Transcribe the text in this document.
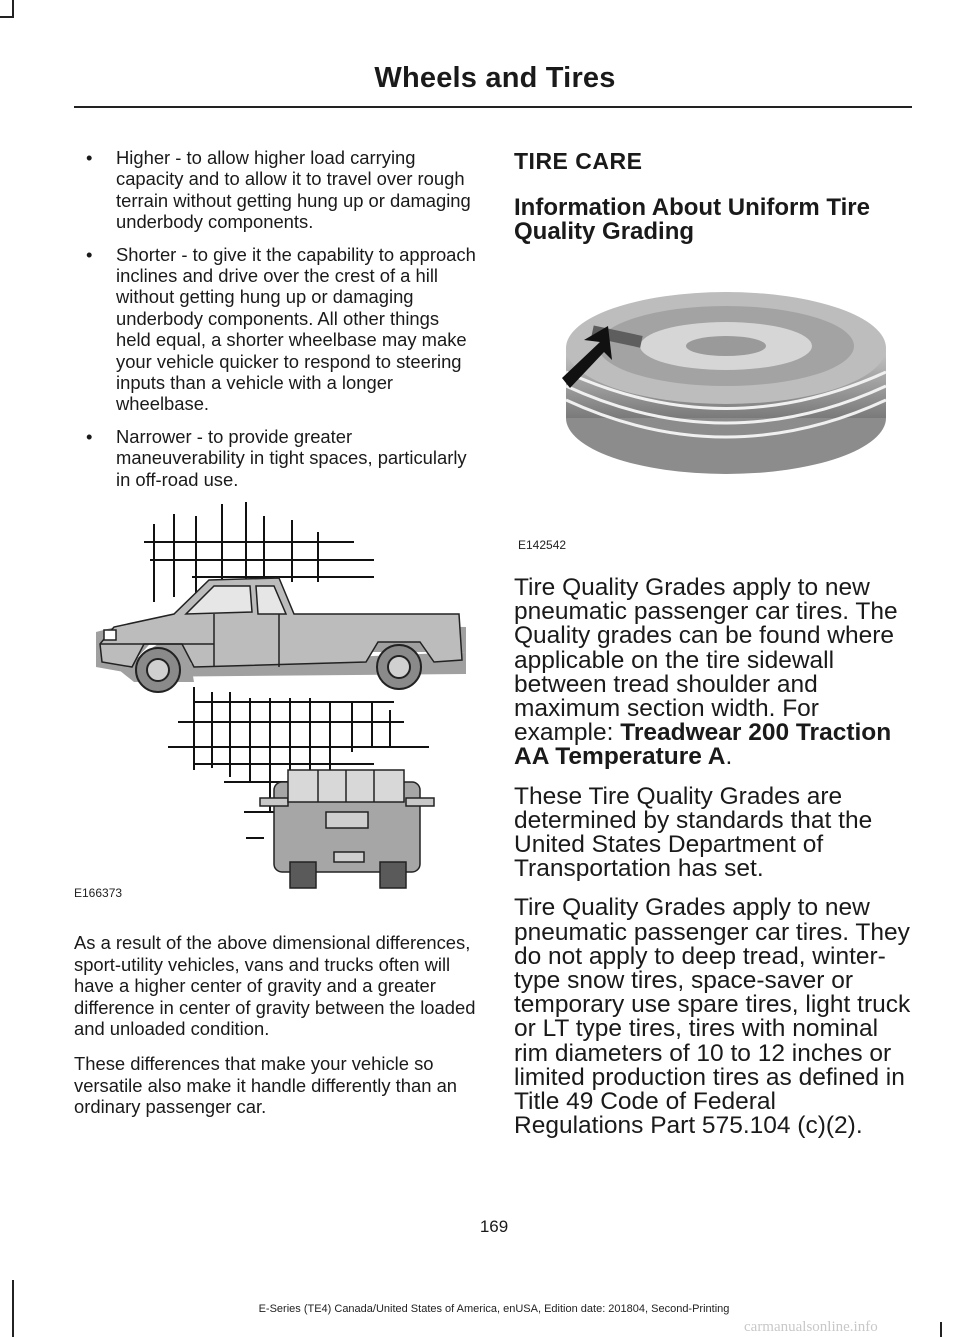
Wheels and Tires
• Higher - to allow higher load carrying capacity and to allow it to travel over rough terrain without getting hung up or damaging underbody components.
• Shorter - to give it the capability to approach inclines and drive over the crest of a hill without getting hung up or damaging underbody components. All other things held equal, a shorter wheelbase may make your vehicle quicker to respond to steering inputs than a vehicle with a longer wheelbase.
• Narrower - to provide greater maneuverability in tight spaces, particularly in off-road use.
E166373

As a result of the above dimensional differences, sport-utility vehicles, vans and trucks often will have a higher center of gravity and a greater difference in center of gravity between the loaded and unloaded condition.

These differences that make your vehicle so versatile also make it handle differently than an ordinary passenger car.

TIRE CARE
Information About Uniform Tire Quality Grading
E142542

Tire Quality Grades apply to new pneumatic passenger car tires. The Quality grades can be found where applicable on the tire sidewall between tread shoulder and maximum section width. For example: Treadwear 200 Traction AA Temperature A.

These Tire Quality Grades are determined by standards that the United States Department of Transportation has set.

Tire Quality Grades apply to new pneumatic passenger car tires. They do not apply to deep tread, winter-type snow tires, space-saver or temporary use spare tires, light truck or LT type tires, tires with nominal rim diameters of 10 to 12 inches or limited production tires as defined in Title 49 Code of Federal Regulations Part 575.104 (c)(2).

169
E-Series (TE4) Canada/United States of America, enUSA, Edition date: 201804, Second-Printing
carmanualsonline.info
